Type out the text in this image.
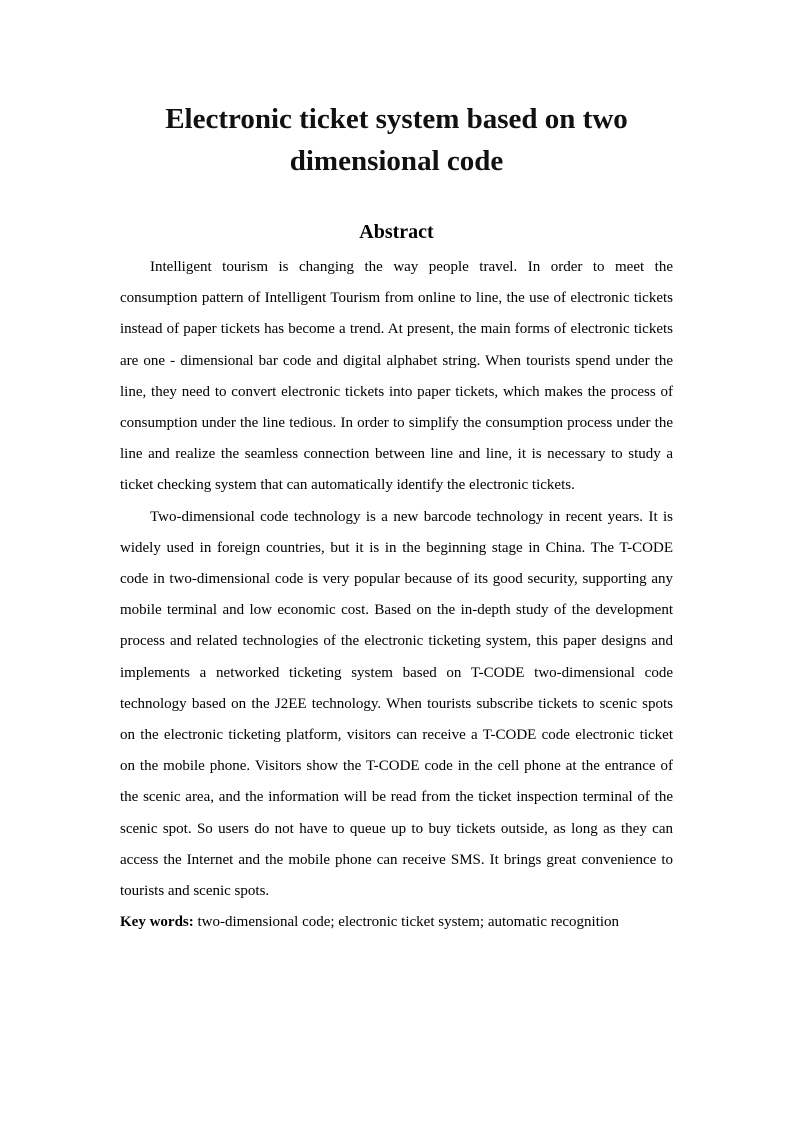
Electronic ticket system based on two dimensional code
Abstract

Intelligent tourism is changing the way people travel. In order to meet the consumption pattern of Intelligent Tourism from online to line, the use of electronic tickets instead of paper tickets has become a trend. At present, the main forms of electronic tickets are one - dimensional bar code and digital alphabet string. When tourists spend under the line, they need to convert electronic tickets into paper tickets, which makes the process of consumption under the line tedious. In order to simplify the consumption process under the line and realize the seamless connection between line and line, it is necessary to study a ticket checking system that can automatically identify the electronic tickets.

Two-dimensional code technology is a new barcode technology in recent years. It is widely used in foreign countries, but it is in the beginning stage in China. The T-CODE code in two-dimensional code is very popular because of its good security, supporting any mobile terminal and low economic cost. Based on the in-depth study of the development process and related technologies of the electronic ticketing system, this paper designs and implements a networked ticketing system based on T-CODE two-dimensional code technology based on the J2EE technology. When tourists subscribe tickets to scenic spots on the electronic ticketing platform, visitors can receive a T-CODE code electronic ticket on the mobile phone. Visitors show the T-CODE code in the cell phone at the entrance of the scenic area, and the information will be read from the ticket inspection terminal of the scenic spot. So users do not have to queue up to buy tickets outside, as long as they can access the Internet and the mobile phone can receive SMS. It brings great convenience to tourists and scenic spots.

Key words: two-dimensional code; electronic ticket system; automatic recognition
